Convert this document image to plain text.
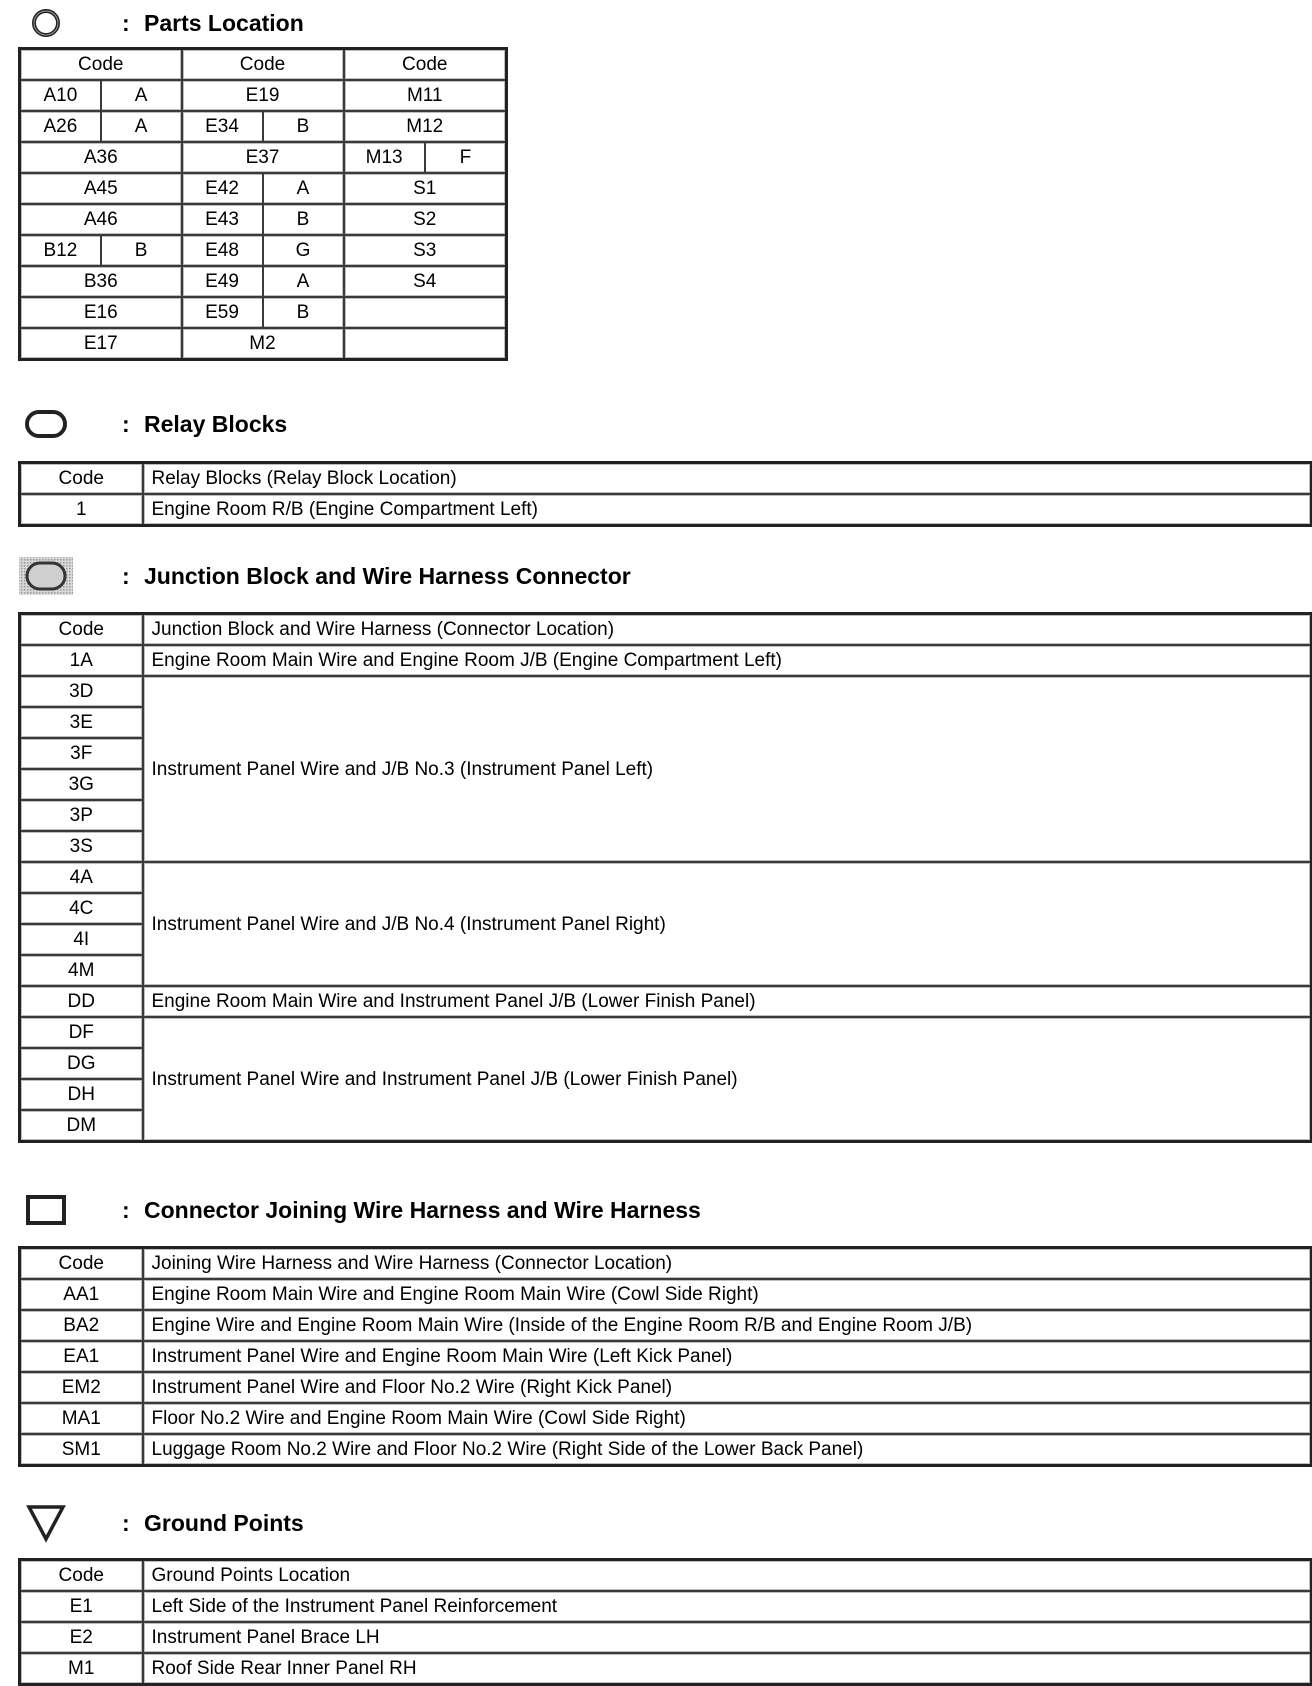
: Parts Location
Code	Code	Code

A10 A	E19	M11

A26 A	E34 B	M12
A36	E37	M13 F

A45	E42 A	S1
A46	E43 B	S2

B12 B	E48 G	S3
B36	E49 A	S4
E16	E59 B	

E17	M2	
: Relay Blocks
Code	Relay Blocks (Relay Block Location)
1	Engine Room R/B (Engine Compartment Left)
: Junction Block and Wire Harness Connector
Code	Junction Block and Wire Harness (Connector Location)
1A	Engine Room Main Wire and Engine Room J/B (Engine Compartment Left)
3D	Instrument Panel Wire and J/B No.3 (Instrument Panel Left)
3E	
3F	
3G	
3P	
3S	
4A	Instrument Panel Wire and J/B No.4 (Instrument Panel Right)
4C	
4I	
4M	
DD	Engine Room Main Wire and Instrument Panel J/B (Lower Finish Panel)
DF	Instrument Panel Wire and Instrument Panel J/B (Lower Finish Panel)
DG	
DH	
DM	
: Connector Joining Wire Harness and Wire Harness
Code	Joining Wire Harness and Wire Harness (Connector Location)
AA1	Engine Room Main Wire and Engine Room Main Wire (Cowl Side Right)
BA2	Engine Wire and Engine Room Main Wire (Inside of the Engine Room R/B and Engine Room J/B)
EA1	Instrument Panel Wire and Engine Room Main Wire (Left Kick Panel)
EM2	Instrument Panel Wire and Floor No.2 Wire (Right Kick Panel)
MA1	Floor No.2 Wire and Engine Room Main Wire (Cowl Side Right)
SM1	Luggage Room No.2 Wire and Floor No.2 Wire (Right Side of the Lower Back Panel)
: Ground Points
Code	Ground Points Location
E1	Left Side of the Instrument Panel Reinforcement
E2	Instrument Panel Brace LH
M1	Roof Side Rear Inner Panel RH
